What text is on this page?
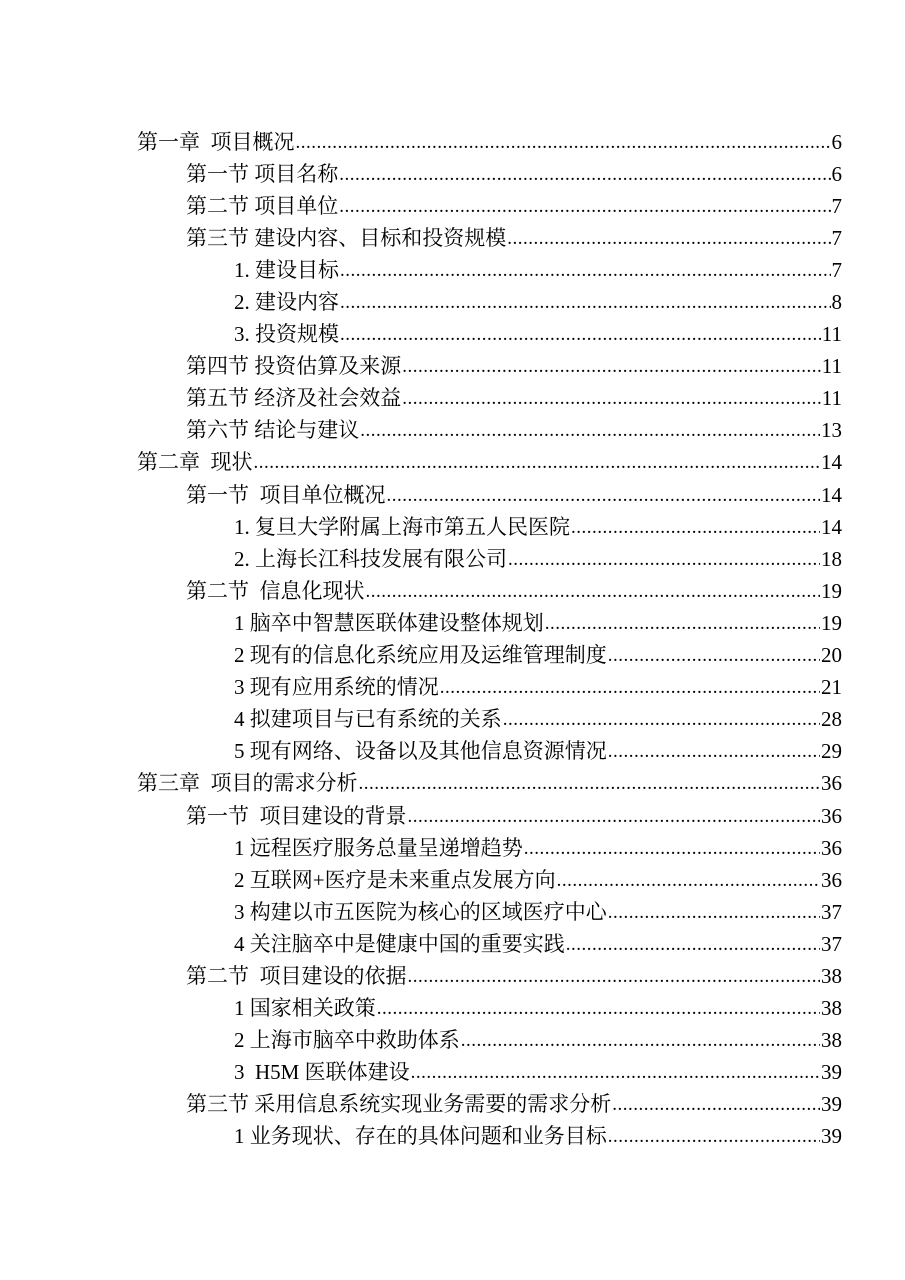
第一章  项目概况 .....	6
第一节 项目名称 .....	6
第二节 项目单位 .....	7
第三节 建设内容、目标和投资规模 .....	7
1. 建设目标 .....	7
2. 建设内容 .....	8
3. 投资规模 .....	11
第四节 投资估算及来源 .....	11
第五节 经济及社会效益 .....	11
第六节 结论与建议 .....	13
第二章  现状 .....	14
第一节  项目单位概况 .....	14
1. 复旦大学附属上海市第五人民医院 .....	14
2. 上海长江科技发展有限公司 .....	18
第二节  信息化现状 .....	19
1 脑卒中智慧医联体建设整体规划 .....	19
2 现有的信息化系统应用及运维管理制度 .....	20
3 现有应用系统的情况 .....	21
4 拟建项目与已有系统的关系 .....	28
5 现有网络、设备以及其他信息资源情况 .....	29
第三章  项目的需求分析 .....	36
第一节  项目建设的背景 .....	36
1 远程医疗服务总量呈递增趋势 .....	36
2 互联网+医疗是未来重点发展方向 .....	36
3 构建以市五医院为核心的区域医疗中心 .....	37
4 关注脑卒中是健康中国的重要实践 .....	37
第二节  项目建设的依据 .....	38
1 国家相关政策 .....	38
2 上海市脑卒中救助体系 .....	38
3  H5M 医联体建设 .....	39
第三节 采用信息系统实现业务需要的需求分析 .....	39
1 业务现状、存在的具体问题和业务目标 .....	39
